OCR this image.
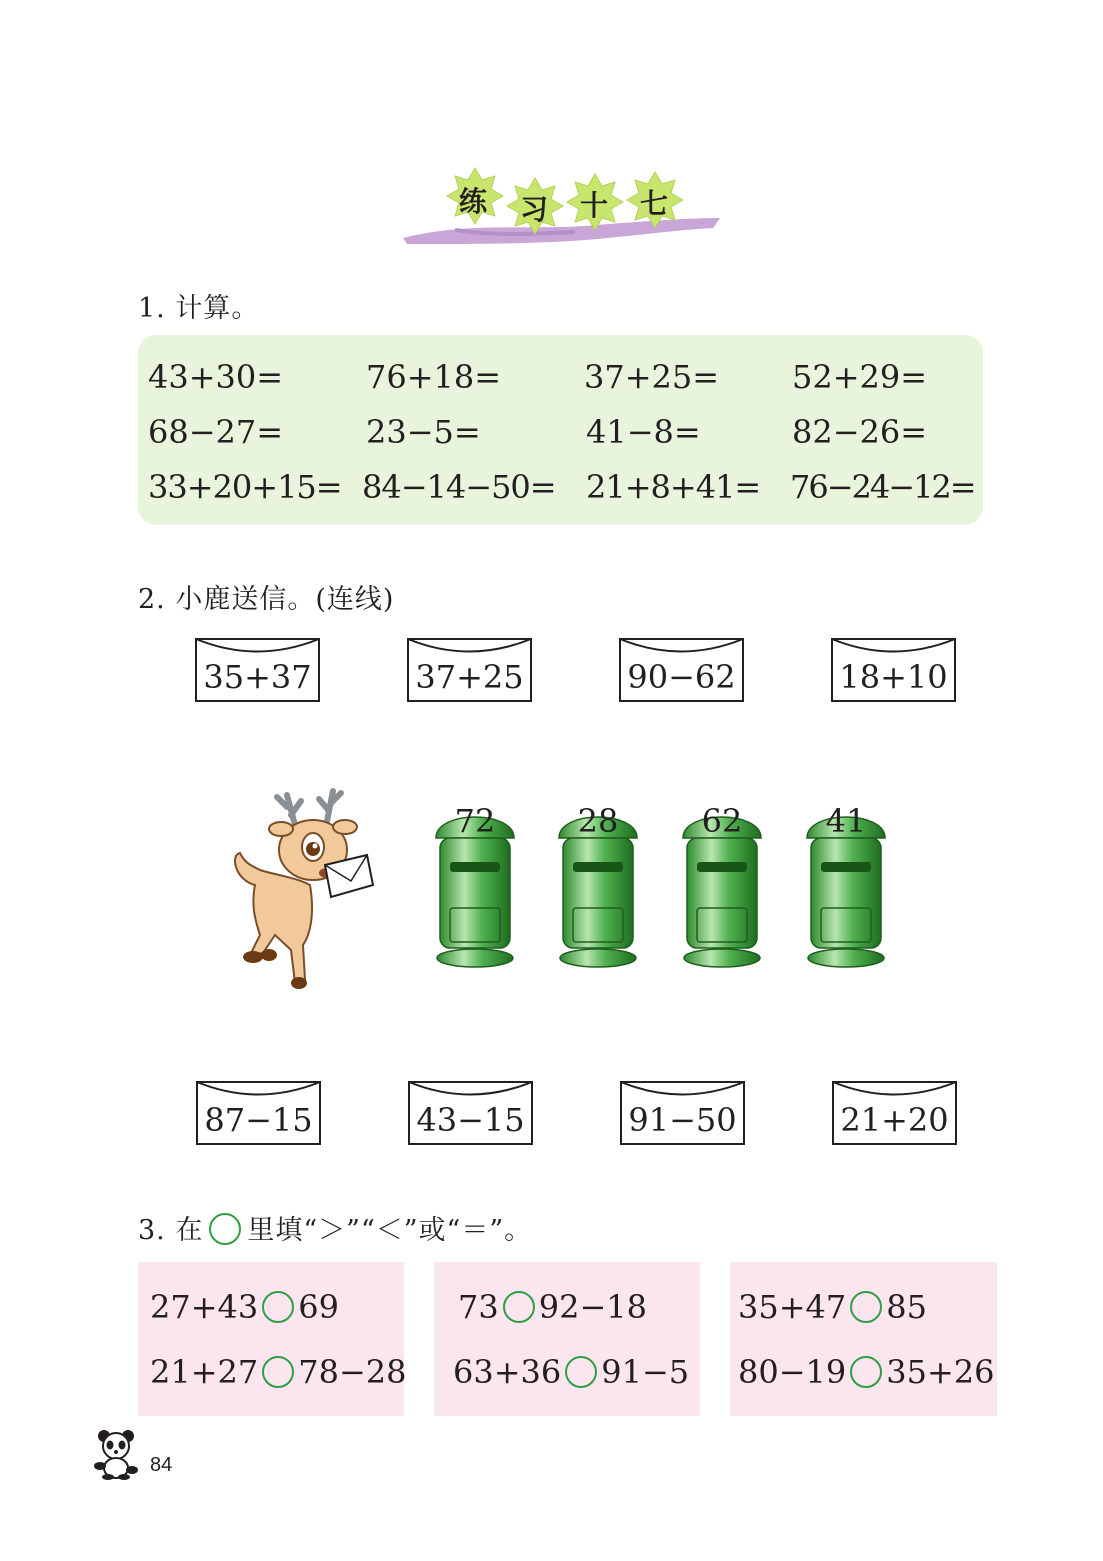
练 习 十 七
1. 计算。
43+30=	76+18=	37+25= 52+29=
68−27=	23−5=	41−8=	82−26=
33+20+15= 84−14−50= 21+8+41= 76−24−12=
2. 小鹿送信。(连线)
35+37	37+25	90−62	18+10
72	28	62	41
87−15	43−15	91−50	21+20
3. 在 里填“＞”“＜”或“＝”。
27+43 69
21+27 78−28
73 92−18
63+36 91−5
35+47 85
80−19 35+26
84
